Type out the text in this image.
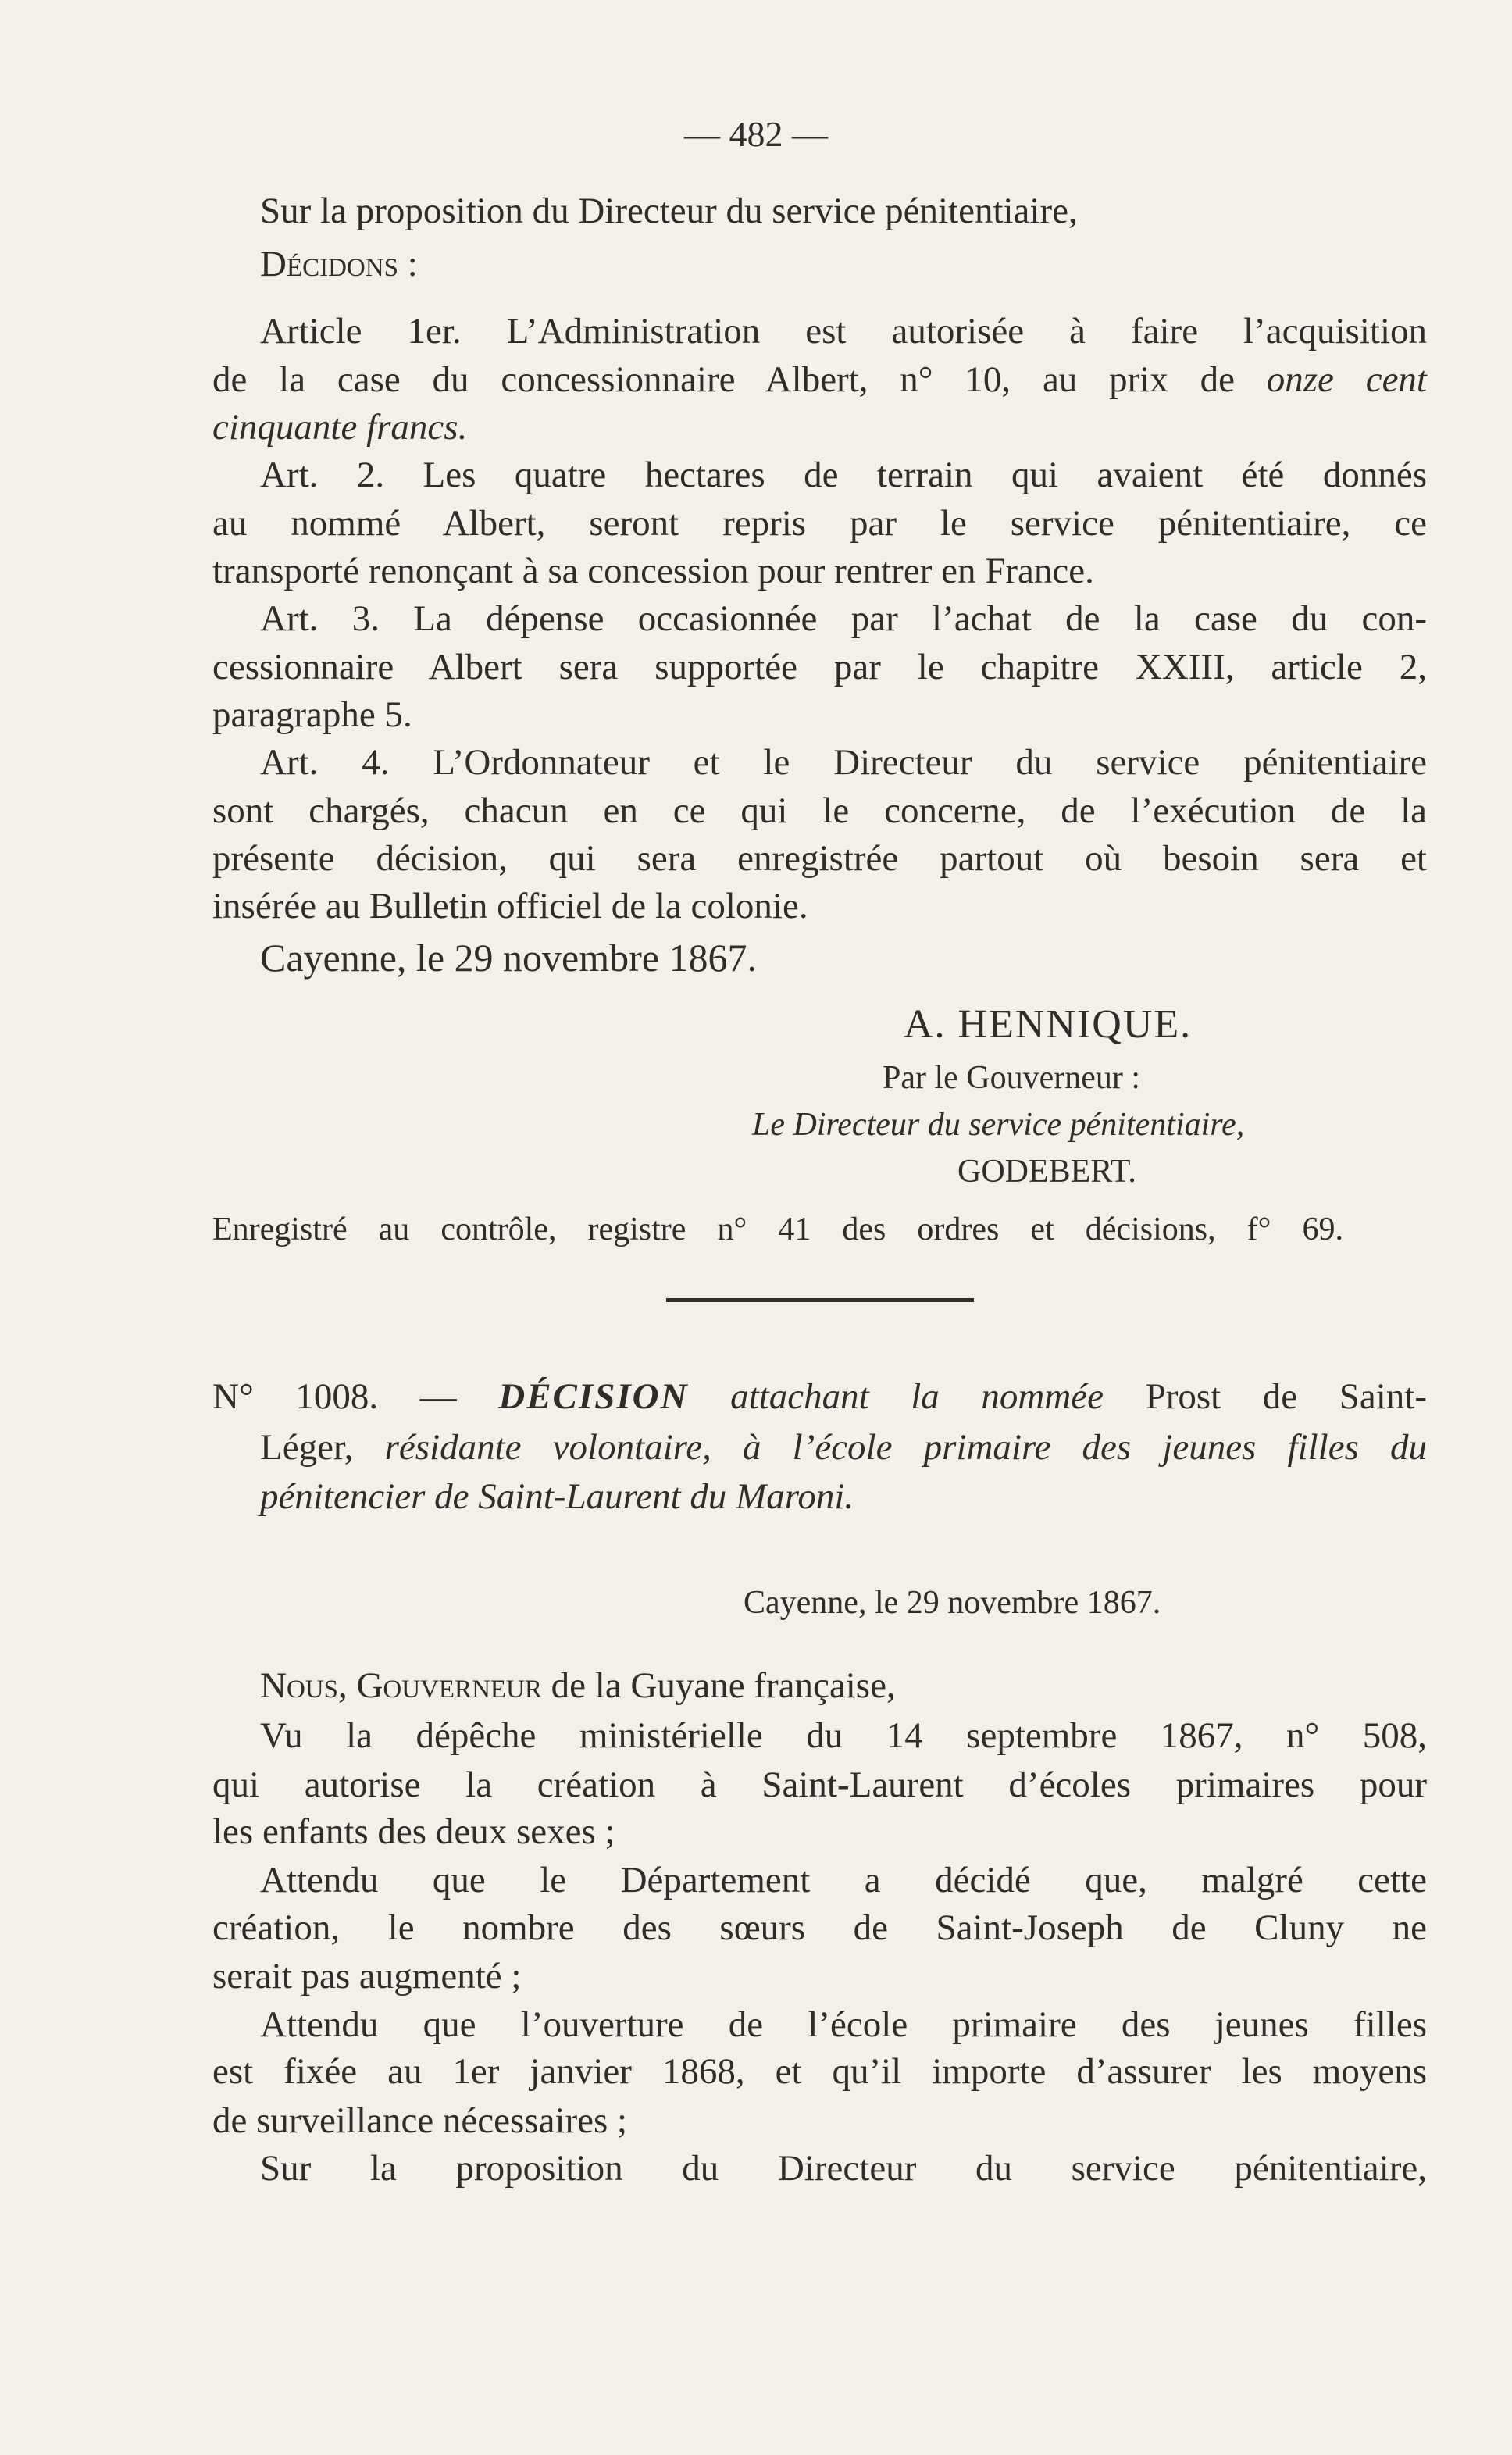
— 482 —
Sur la proposition du Directeur du service pénitentiaire,
Décidons :
Article 1er. L’Administration est autorisée à faire l’acquisition
de la case du concessionnaire Albert, n° 10, au prix de onze cent
cinquante francs.
Art. 2. Les quatre hectares de terrain qui avaient été donnés
au nommé Albert, seront repris par le service pénitentiaire, ce
transporté renonçant à sa concession pour rentrer en France.
Art. 3. La dépense occasionnée par l’achat de la case du con-
cessionnaire Albert sera supportée par le chapitre XXIII, article 2,
paragraphe 5.
Art. 4. L’Ordonnateur et le Directeur du service pénitentiaire
sont chargés, chacun en ce qui le concerne, de l’exécution de la
présente décision, qui sera enregistrée partout où besoin sera et
insérée au Bulletin officiel de la colonie.
Cayenne, le 29 novembre 1867.
A. HENNIQUE.
Par le Gouverneur :
Le Directeur du service pénitentiaire,
GODEBERT.
Enregistré au contrôle, registre n° 41 des ordres et décisions, f° 69.
N° 1008. — DÉCISION attachant la nommée Prost de Saint-
Léger, résidante volontaire, à l’école primaire des jeunes filles du
pénitencier de Saint-Laurent du Maroni.
Cayenne, le 29 novembre 1867.
Nous, Gouverneur de la Guyane française,
Vu la dépêche ministérielle du 14 septembre 1867, n° 508,
qui autorise la création à Saint-Laurent d’écoles primaires pour
les enfants des deux sexes ;
Attendu que le Département a décidé que, malgré cette
création, le nombre des sœurs de Saint-Joseph de Cluny ne
serait pas augmenté ;
Attendu que l’ouverture de l’école primaire des jeunes filles
est fixée au 1er janvier 1868, et qu’il importe d’assurer les moyens
de surveillance nécessaires ;
Sur la proposition du Directeur du service pénitentiaire,
